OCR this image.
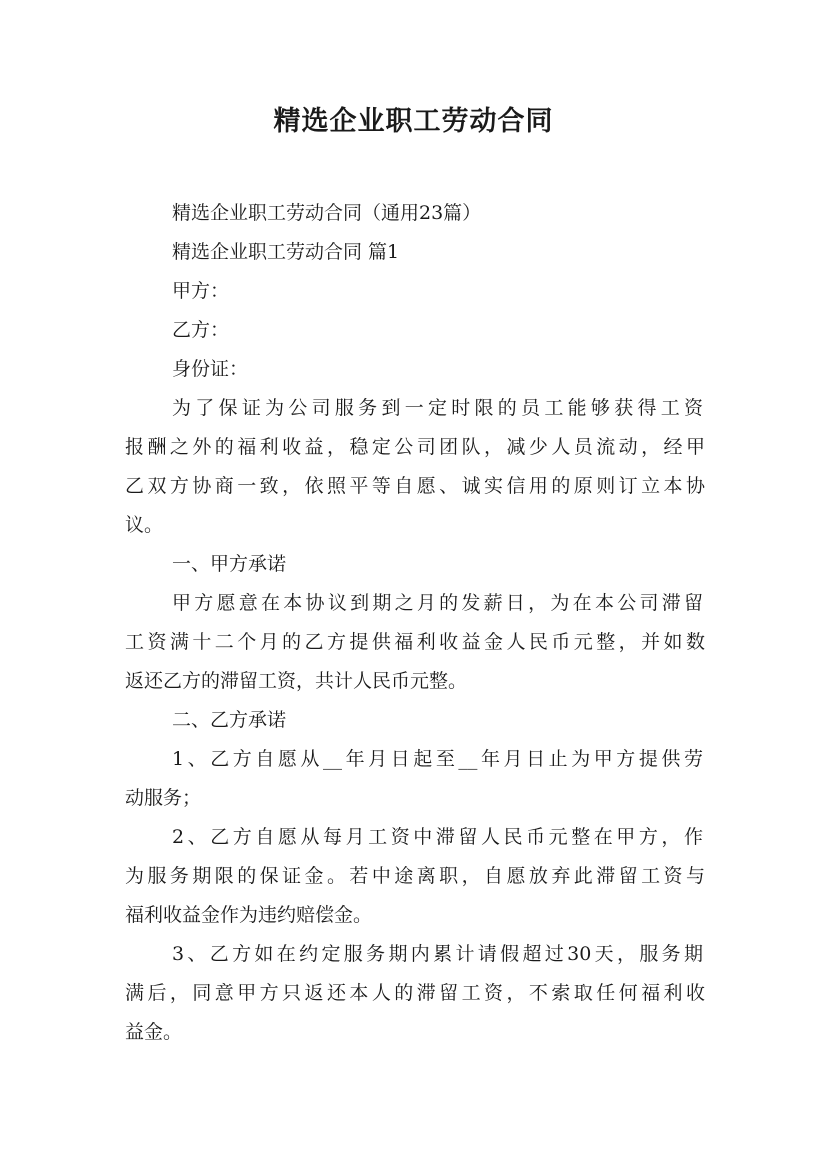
精选企业职工劳动合同
精选企业职工劳动合同（通用23篇）
精选企业职工劳动合同 篇1
甲方：
乙方：
身份证：
为了保证为公司服务到一定时限的员工能够获得工资
报酬之外的福利收益，稳定公司团队，减少人员流动，经甲
乙双方协商一致，依照平等自愿、诚实信用的原则订立本协
议。
一、甲方承诺
甲方愿意在本协议到期之月的发薪日，为在本公司滞留
工资满十二个月的乙方提供福利收益金人民币元整，并如数
返还乙方的滞留工资，共计人民币元整。
二、乙方承诺
1、乙方自愿从__年月日起至__年月日止为甲方提供劳
动服务；
2、乙方自愿从每月工资中滞留人民币元整在甲方，作
为服务期限的保证金。若中途离职，自愿放弃此滞留工资与
福利收益金作为违约赔偿金。
3、乙方如在约定服务期内累计请假超过30天，服务期
满后，同意甲方只返还本人的滞留工资，不索取任何福利收
益金。
